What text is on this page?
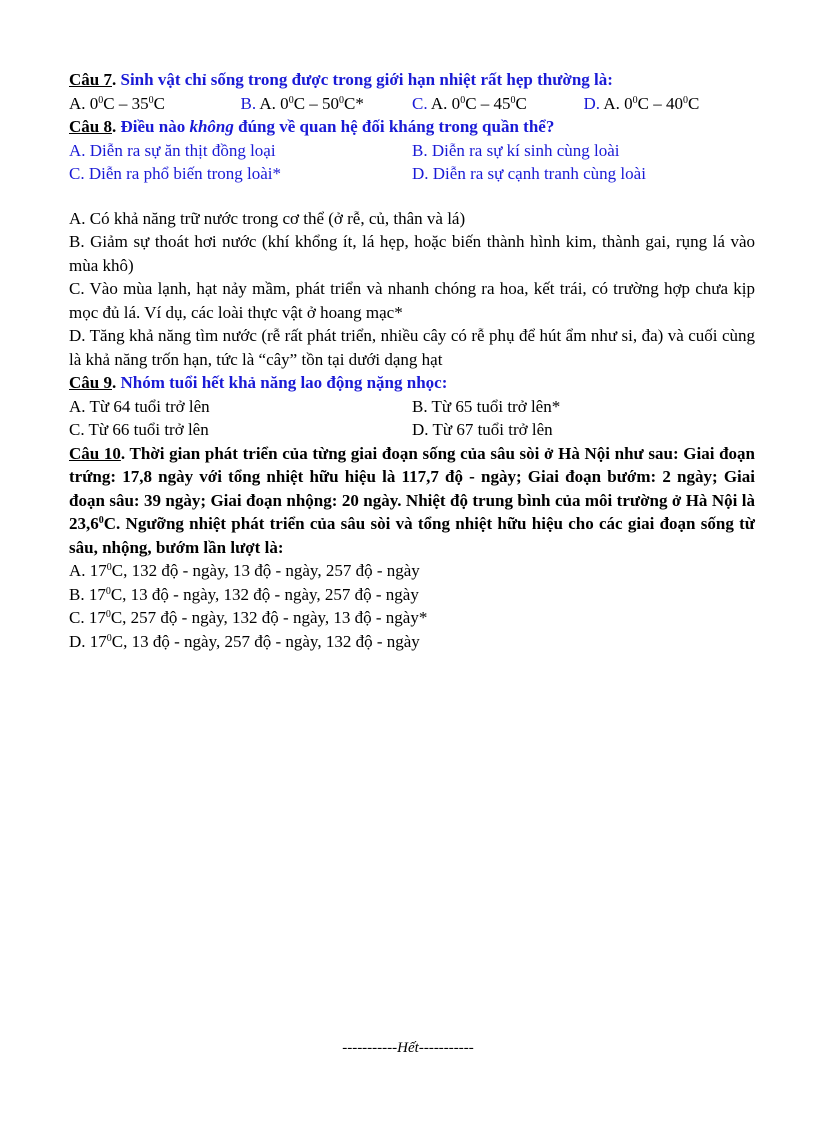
Câu 7. Sinh vật chỉ sống trong được trong giới hạn nhiệt rất hẹp thường là:
A. $0^0C - 35^0C$	B. A. $0^0C - 50^0C*$	C. A. $0^0C - 45^0C$	D. A. $0^0C - 40^0C$
Câu 8. Điều nào không đúng về quan hệ đối kháng trong quần thể?
A. Diễn ra sự ăn thịt đồng loại	B. Diễn ra sự kí sinh cùng loài
C. Diễn ra phổ biến trong loài*	D. Diễn ra sự cạnh tranh cùng loài
A. Có khả năng trữ nước trong cơ thể (ở rễ, củ, thân và lá)
B. Giảm sự thoát hơi nước (khí khổng ít, lá hẹp, hoặc biến thành hình kim, thành gai, rụng lá vào mùa khô)
C. Vào mùa lạnh, hạt nảy mầm, phát triển và nhanh chóng ra hoa, kết trái, có trường hợp chưa kịp mọc đủ lá. Ví dụ, các loài thực vật ở hoang mạc*
D. Tăng khả năng tìm nước (rễ rất phát triển, nhiều cây có rễ phụ để hút ẩm như si, đa) và cuối cùng là khả năng trốn hạn, tức là “cây” tồn tại dưới dạng hạt
Câu 9. Nhóm tuổi hết khả năng lao động nặng nhọc:
A. Từ 64 tuổi trở lên	B. Từ 65 tuổi trở lên*
C. Từ 66 tuổi trở lên	D. Từ 67 tuổi trở lên
Câu 10. Thời gian phát triển của từng giai đoạn sống của sâu sòi ở Hà Nội như sau: Giai đoạn trứng: 17,8 ngày với tổng nhiệt hữu hiệu là 117,7 độ - ngày; Giai đoạn bướm: 2 ngày; Giai đoạn sâu: 39 ngày; Giai đoạn nhộng: 20 ngày. Nhiệt độ trung bình của môi trường ở Hà Nội là 23,6$^0$C. Ngưỡng nhiệt phát triển của sâu sòi và tổng nhiệt hữu hiệu cho các giai đoạn sống từ sâu, nhộng, bướm lần lượt là:
A. $17^0C$, 132 độ - ngày, 13 độ - ngày, 257 độ - ngày
B. $17^0C$, 13 độ - ngày, 132 độ - ngày, 257 độ - ngày
C. $17^0C$, 257 độ - ngày, 132 độ - ngày, 13 độ - ngày*
D. $17^0C$, 13 độ - ngày, 257 độ - ngày, 132 độ - ngày
-----------Hết-----------
